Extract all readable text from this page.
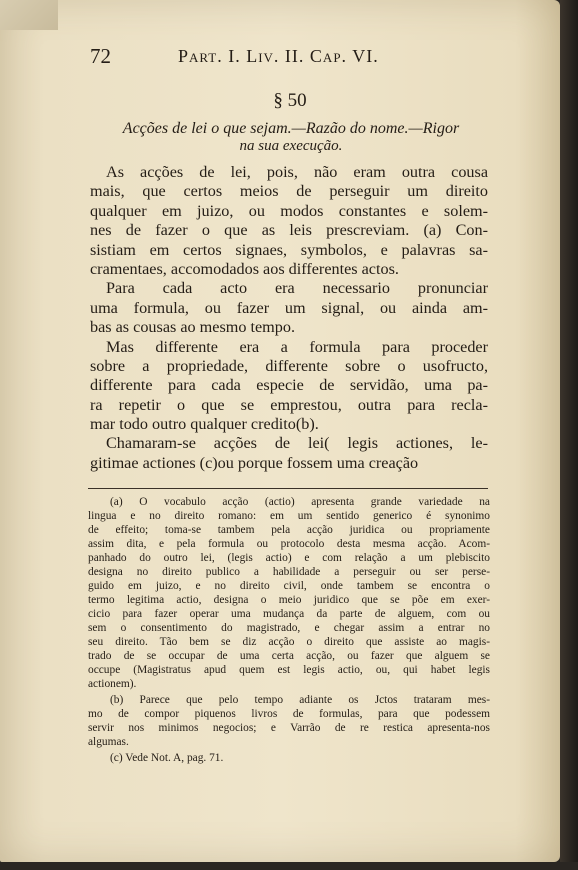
72	Part. I. Liv. II. Cap. VI.
§ 50
Acções de lei o que sejam.—Razão do nome.—Rigor
na sua execução.
As acções de lei, pois, não eram outra cousa
mais, que certos meios de perseguir um direito
qualquer em juizo, ou modos constantes e solem-
nes de fazer o que as leis prescreviam. (a) Con-
sistiam em certos signaes, symbolos, e palavras sa-
cramentaes, accomodados aos differentes actos.
Para cada acto era necessario pronunciar
uma formula, ou fazer um signal, ou ainda am-
bas as cousas ao mesmo tempo.
Mas differente era a formula para proceder
sobre a propriedade, differente sobre o usofructo,
differente para cada especie de servidão, uma pa-
ra repetir o que se emprestou, outra para recla-
mar todo outro qualquer credito(b).
Chamaram-se acções de lei( legis actiones, le-
gitimae actiones (c)ou porque fossem uma creação
(a) O vocabulo acção (actio) apresenta grande variedade na
lingua e no direito romano: em um sentido generico é synonimo
de effeito; toma-se tambem pela acção juridica ou propriamente
assim dita, e pela formula ou protocolo desta mesma acção. Acom-
panhado do outro lei, (legis actio) e com relação a um plebiscito
designa no direito publico a habilidade a perseguir ou ser perse-
guido em juizo, e no direito civil, onde tambem se encontra o
termo legitima actio, designa o meio juridico que se põe em exer-
cicio para fazer operar uma mudança da parte de alguem, com ou
sem o consentimento do magistrado, e chegar assim a entrar no
seu direito. Tão bem se diz acção o direito que assiste ao magis-
trado de se occupar de uma certa acção, ou fazer que alguem se
occupe (Magistratus apud quem est legis actio, ou, qui habet legis
actionem).
(b) Parece que pelo tempo adiante os Jctos trataram mes-
mo de compor piquenos livros de formulas, para que podessem
servir nos minimos negocios; e Varrão de re restica apresenta-nos
algumas.
(c) Vede Not. A, pag. 71.
